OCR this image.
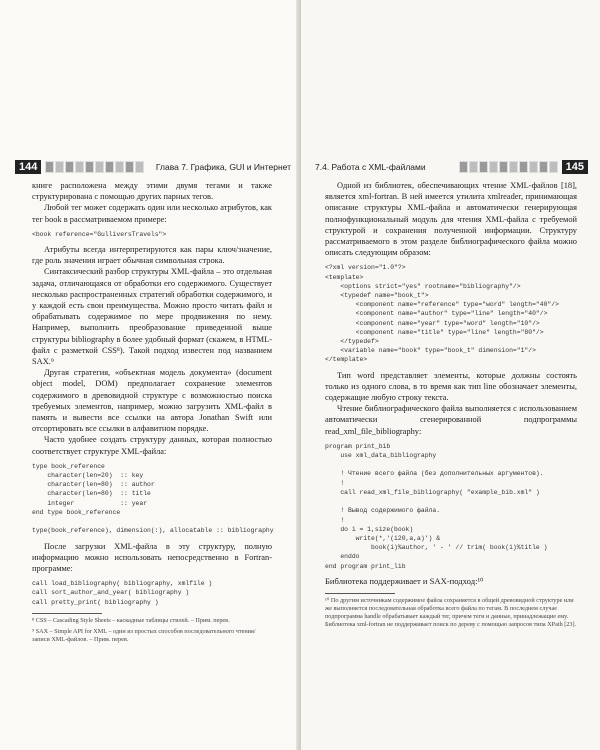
144	Глава 7. Графика, GUI и Интернет

книге расположена между этими двумя тегами и также структурирована с помощью других парных тегов.

Любой тег может содержать один или несколько атрибутов, как тег book в рассматриваемом примере:

<book reference="GulliversTravels">

Атрибуты всегда интерпретируются как пары ключ/значение, где роль значения играет обычная символьная строка.

Синтаксический разбор структуры XML-файла – это отдельная задача, отличающаяся от обработки его содержимого. Существует несколько распространенных стратегий обработки содержимого, и у каждой есть свои преимущества. Можно просто читать файл и обрабатывать содержимое по мере продвижения по нему. Например, выполнить преобразование приведенной выше структуры bibliography в более удобный формат (скажем, в HTML-файл с разметкой CSS⁸). Такой подход известен под названием SAX.⁹

Другая стратегия, «объектная модель документа» (document object model, DOM) предполагает сохранение элементов содержимого в древовидной структуре с возможностью поиска требуемых элементов, например, можно загрузить XML-файл в память и вывести все ссылки на автора Jonathan Swift или отсортировать все ссылки в алфавитном порядке.

Часто удобнее создать структуру данных, которая полностью соответствует структуре XML-файла:

type book_reference
character(len=20)  :: key
character(len=80)  :: author
character(len=80)  :: title
integer            :: year
end type book_reference

type(book_reference), dimension(:), allocatable :: bibliography

После загрузки XML-файла в эту структуру, полную информацию можно использовать непосредственно в Fortran-программе:

call load_bibliography( bibliography, xmlfile )
call sort_author_and_year( bibliography )
call pretty_print( bibliography )
⁸ CSS – Cascading Style Sheets – каскадные таблицы стилей. – Прим. перев.
⁹ SAX – Simple API for XML – один из простых способов последовательного чтения/записи XML-файлов. – Прим. перев.
7.4. Работа с XML-файлами	145

Одной из библиотек, обеспечивающих чтение XML-файлов [18], является xml-fortran. В ней имеется утилита xmlreader, принимающая описание структуры XML-файла и автоматически генерирующая полнофункциональный модуль для чтения XML-файла с требуемой структурой и сохранения полученной информации. Структуру рассматриваемого в этом разделе библиографического файла можно описать следующим образом:

<?xml version="1.0"?>
<template>
<options strict="yes" rootname="bibliography"/>
<typedef name="book_t">
<component name="reference" type="word" length="40"/>
<component name="author" type="line" length="40"/>
<component name="year" type="word" length="10"/>
<component name="title" type="line" length="80"/>
</typedef>
<variable name="book" type="book_t" dimension="1"/>
</template>

Тип word представляет элементы, которые должны состоять только из одного слова, в то время как тип line обозначает элементы, содержащие любую строку текста.

Чтение библиографического файла выполняется с использованием автоматически сгенерированной подпрограммы read_xml_file_bibliography:

program print_bib
use xml_data_bibliography

! Чтение всего файла (без дополнительных аргументов).
!
call read_xml_file_bibliography( "example_bib.xml" )

! Вывод содержимого файла.
!
do i = 1,size(book)
write(*,'(i20,a,a)') &
book(i)%author, ' - ' // trim( book(i)%title )
enddo
end program print_lib
Библиотека поддерживает и SAX-подход:¹⁰
¹⁰ По другим источникам содержимое файла сохраняется в общей древовидной структуре или же выполняется последовательная обработка всего файла по тегам. В последнем случае подпрограмма handle обрабатывает каждый тег, причем теги и данные, принадлежащие ему. Библиотека xml-fortran не поддерживает поиск по дереву с помощью запросов типа XPath [23].
